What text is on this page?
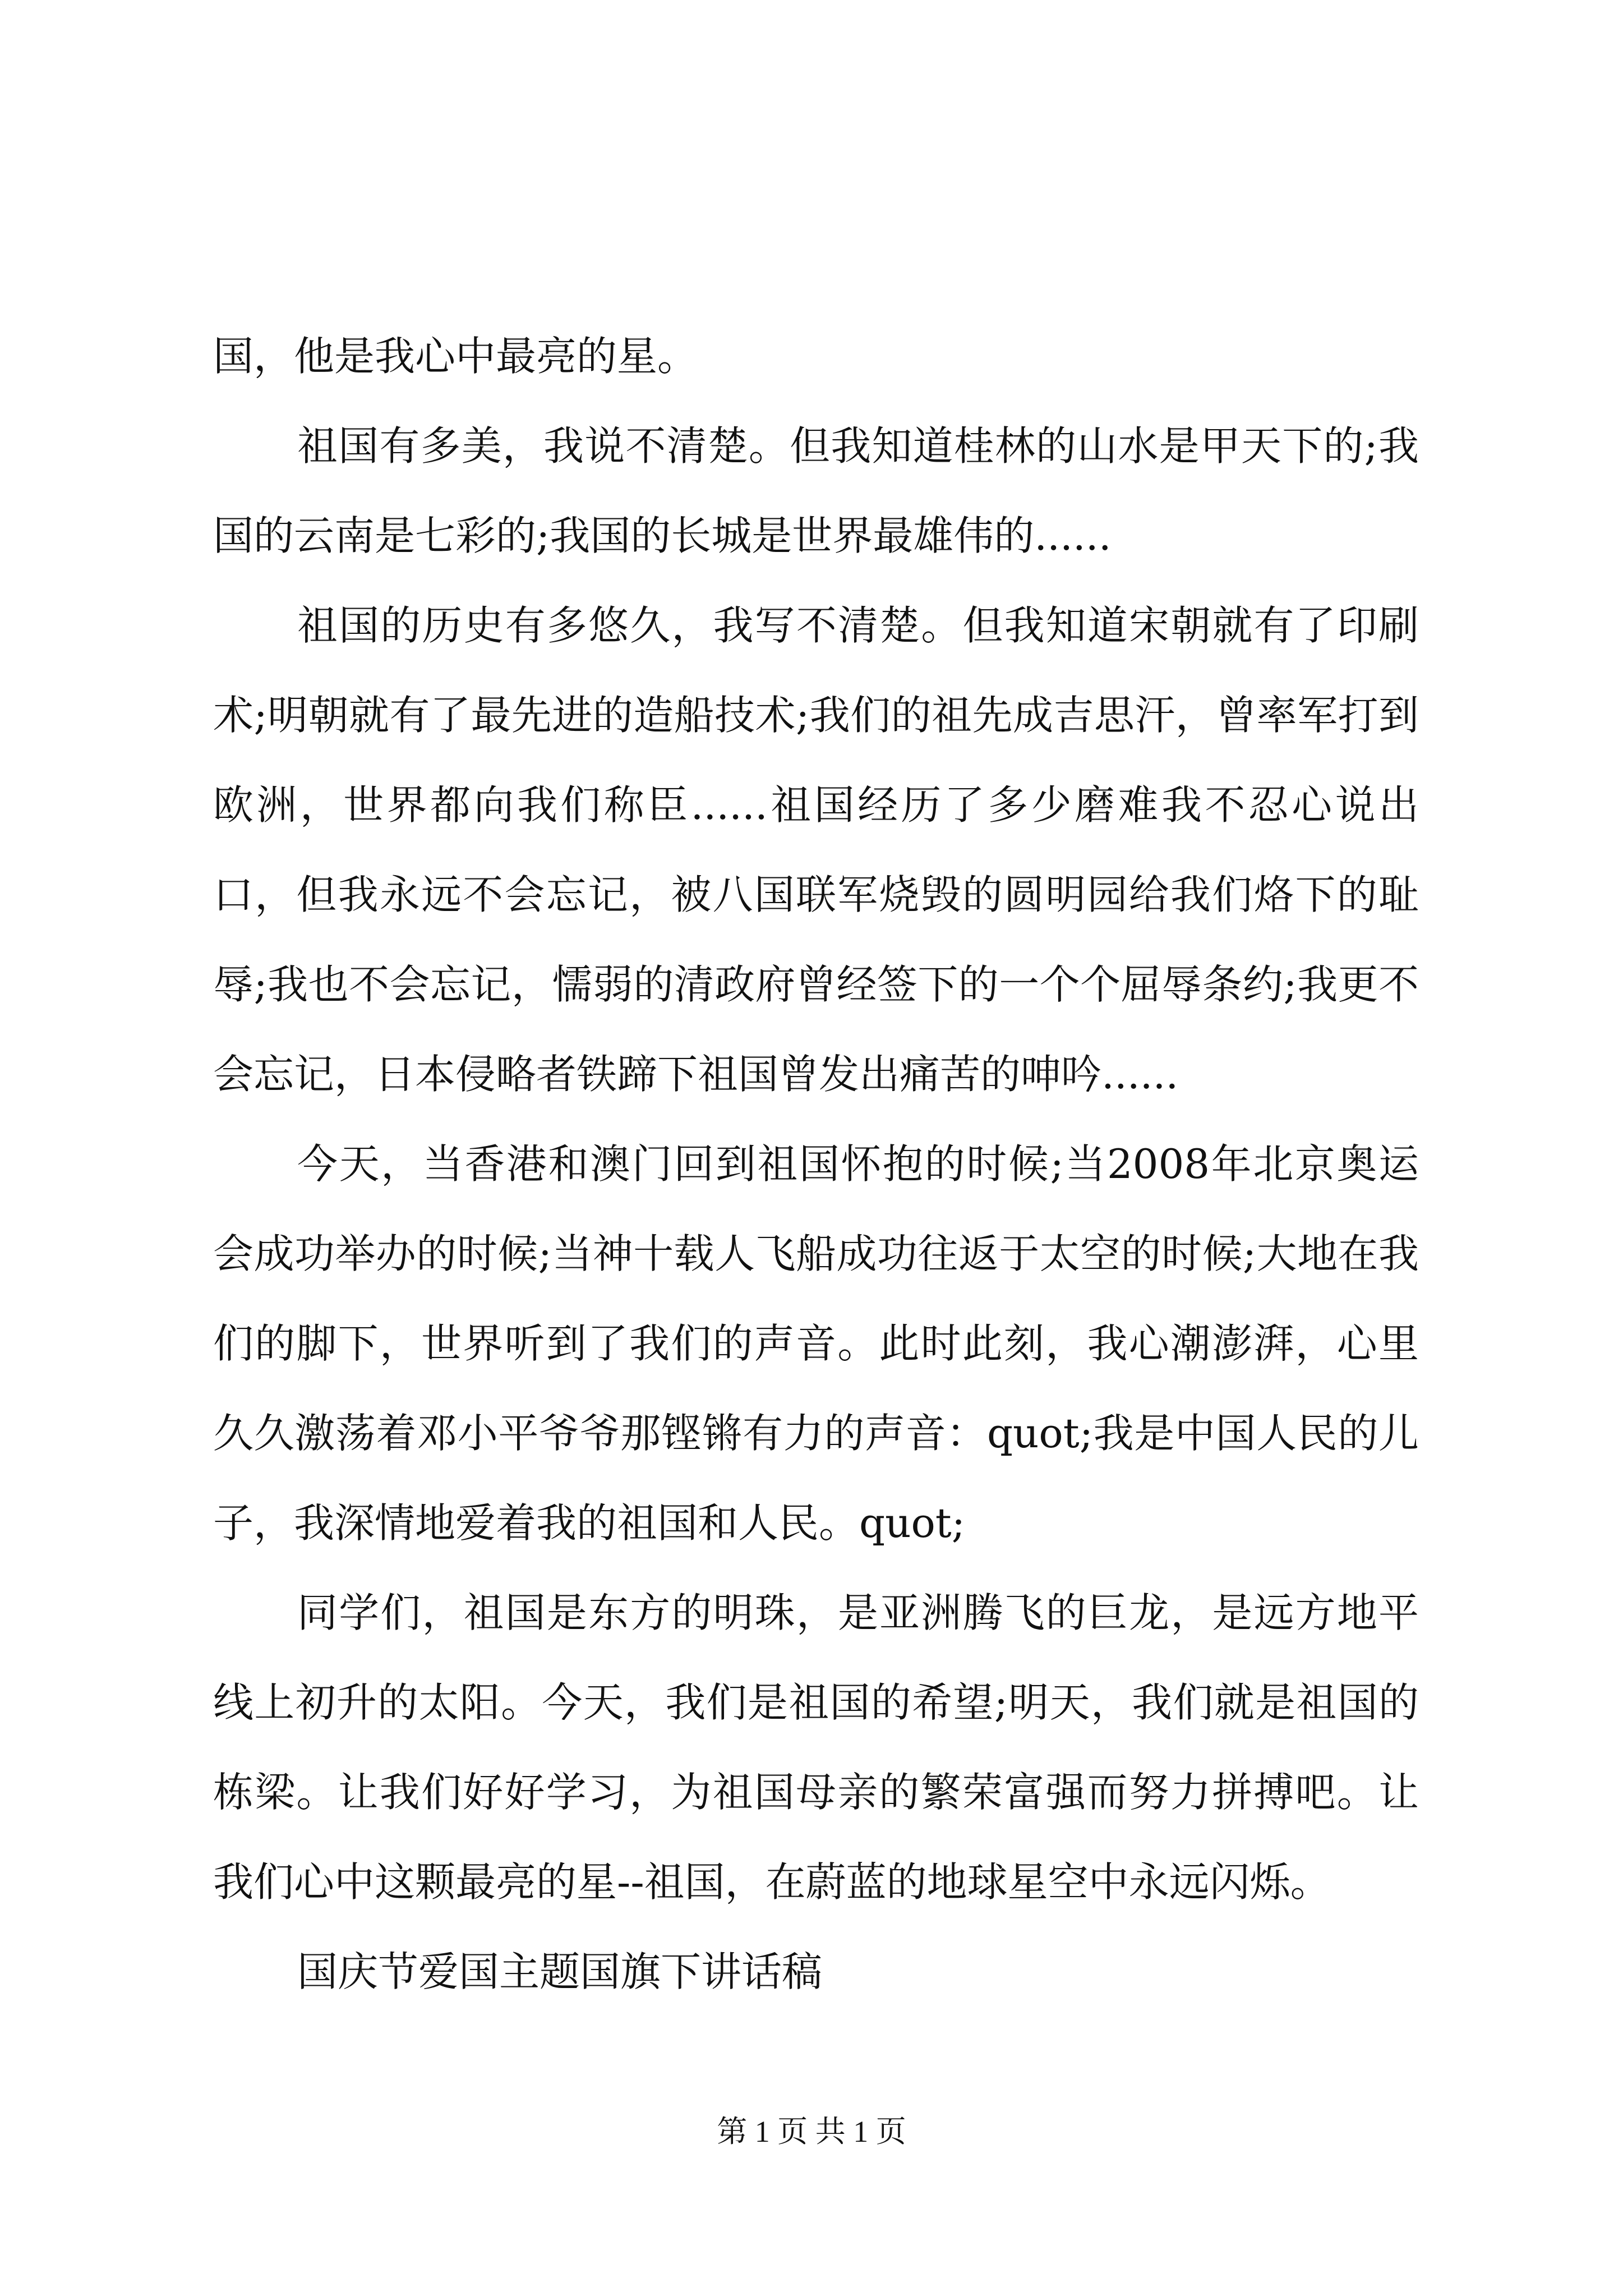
国，他是我心中最亮的星。

祖国有多美，我说不清楚。但我知道桂林的山水是甲天下的;我国的云南是七彩的;我国的长城是世界最雄伟的......

祖国的历史有多悠久，我写不清楚。但我知道宋朝就有了印刷术;明朝就有了最先进的造船技术;我们的祖先成吉思汗，曾率军打到欧洲，世界都向我们称臣......祖国经历了多少磨难我不忍心说出口，但我永远不会忘记，被八国联军烧毁的圆明园给我们烙下的耻辱;我也不会忘记，懦弱的清政府曾经签下的一个个屈辱条约;我更不会忘记，日本侵略者铁蹄下祖国曾发出痛苦的呻吟......

今天，当香港和澳门回到祖国怀抱的时候;当2008年北京奥运会成功举办的时候;当神十载人飞船成功往返于太空的时候;大地在我们的脚下，世界听到了我们的声音。此时此刻，我心潮澎湃，心里久久激荡着邓小平爷爷那铿锵有力的声音：quot;我是中国人民的儿子，我深情地爱着我的祖国和人民。quot;

同学们，祖国是东方的明珠，是亚洲腾飞的巨龙，是远方地平线上初升的太阳。今天，我们是祖国的希望;明天，我们就是祖国的栋梁。让我们好好学习，为祖国母亲的繁荣富强而努力拼搏吧。让我们心中这颗最亮的星--祖国，在蔚蓝的地球星空中永远闪烁。

国庆节爱国主题国旗下讲话稿

第 1 页 共 1 页
